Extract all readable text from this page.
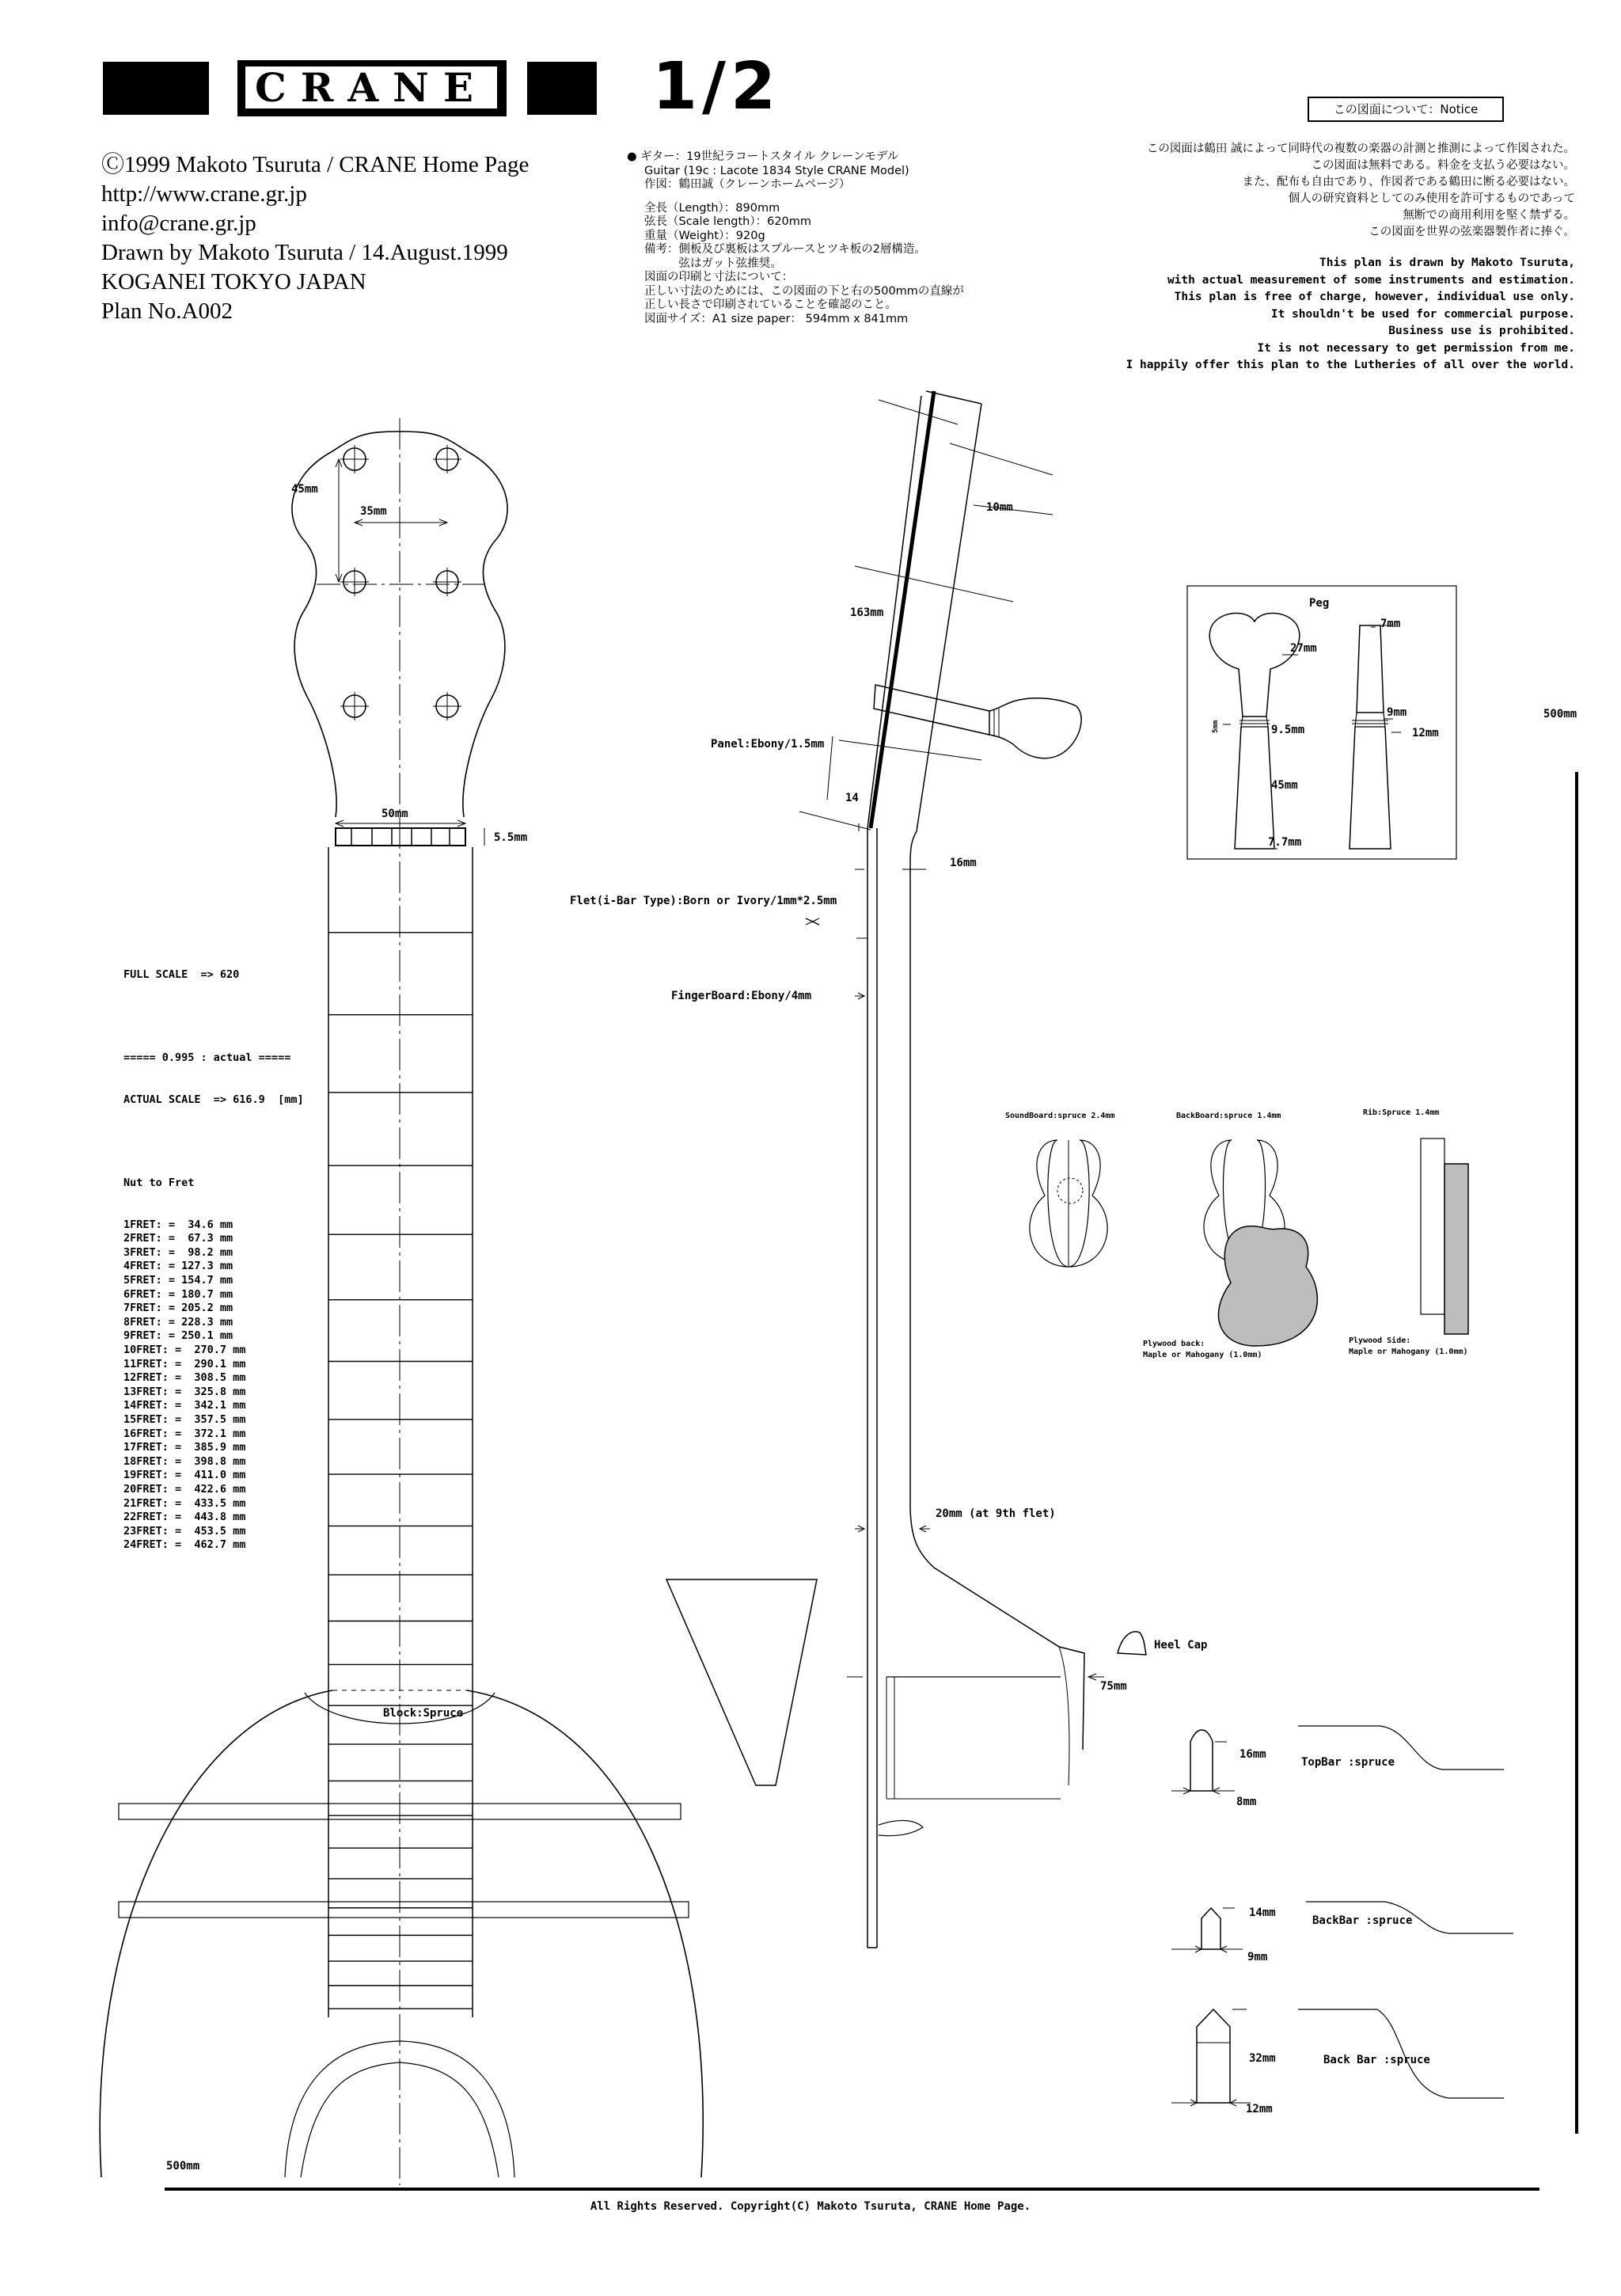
CRANE	1/2	この図面について：Notice
Ⓒ1999 Makoto Tsuruta / CRANE Home Page
http://www.crane.gr.jp
info@crane.gr.jp
Drawn by Makoto Tsuruta / 14.August.1999
KOGANEI TOKYO JAPAN
Plan No.A002
● ギター：19世紀ラコートスタイル クレーンモデル
Guitar (19c : Lacote 1834 Style CRANE Model)
作図：鶴田誠（クレーンホームページ）
全長（Length）：890mm
弦長（Scale length）：620mm
重量（Weight）：920g
備考：側板及び裏板はスプルースとツキ板の2層構造。
　　　弦はガット弦推奨。
図面の印刷と寸法について：
正しい寸法のためには、この図面の下と右の500mmの直線が
正しい長さで印刷されていることを確認のこと。
図面サイズ：A1 size paper： 594mm x 841mm
この図面は鶴田 誠によって同時代の複数の楽器の計測と推測によって作図された。
この図面は無料である。料金を支払う必要はない。
また、配布も自由であり、作図者である鶴田に断る必要はない。
個人の研究資料としてのみ使用を許可するものであって
無断での商用利用を堅く禁ずる。
この図面を世界の弦楽器製作者に捧ぐ。
This plan is drawn by Makoto Tsuruta,
with actual measurement of some instruments and estimation.
This plan is free of charge, however, individual use only.
It shouldn't be used for commercial purpose.
Business use is prohibited.
It is not necessary to get permission from me.
I happily offer this plan to the Lutheries of all over the world.

FULL SCALE  => 620

===== 0.995 : actual =====

ACTUAL SCALE  => 616.9  [mm]

Nut to Fret

1FRET: =  34.6 mm
2FRET: =  67.3 mm
3FRET: =  98.2 mm
4FRET: = 127.3 mm
5FRET: = 154.7 mm
6FRET: = 180.7 mm
7FRET: = 205.2 mm
8FRET: = 228.3 mm
9FRET: = 250.1 mm
10FRET: =  270.7 mm
11FRET: =  290.1 mm
12FRET: =  308.5 mm
13FRET: =  325.8 mm
14FRET: =  342.1 mm
15FRET: =  357.5 mm
16FRET: =  372.1 mm
17FRET: =  385.9 mm
18FRET: =  398.8 mm
19FRET: =  411.0 mm
20FRET: =  422.6 mm
21FRET: =  433.5 mm
22FRET: =  443.8 mm
23FRET: =  453.5 mm
24FRET: =  462.7 mm

45mm
35mm
50mm
5.5mm
Block:Spruce
10mm
163mm
14
Panel:Ebony/1.5mm
16mm
Flet(i-Bar Type):Born or Ivory/1mm*2.5mm
FingerBoard:Ebony/4mm
20mm (at 9th flet)
Heel Cap
75mm
Peg
7mm
27mm
9mm
9.5mm	12mm
5mm
45mm
7.7mm
500mm
500mm
SoundBoard:spruce 2.4mm	BackBoard:spruce 1.4mm	Rib:Spruce 1.4mm
Plywood back:
Maple or Mahogany (1.0mm)
Plywood Side:
Maple or Mahogany (1.0mm)
16mm
8mm
TopBar :spruce
14mm
9mm
BackBar :spruce
32mm
12mm
Back Bar :spruce
All Rights Reserved. Copyright(C) Makoto Tsuruta, CRANE Home Page.
